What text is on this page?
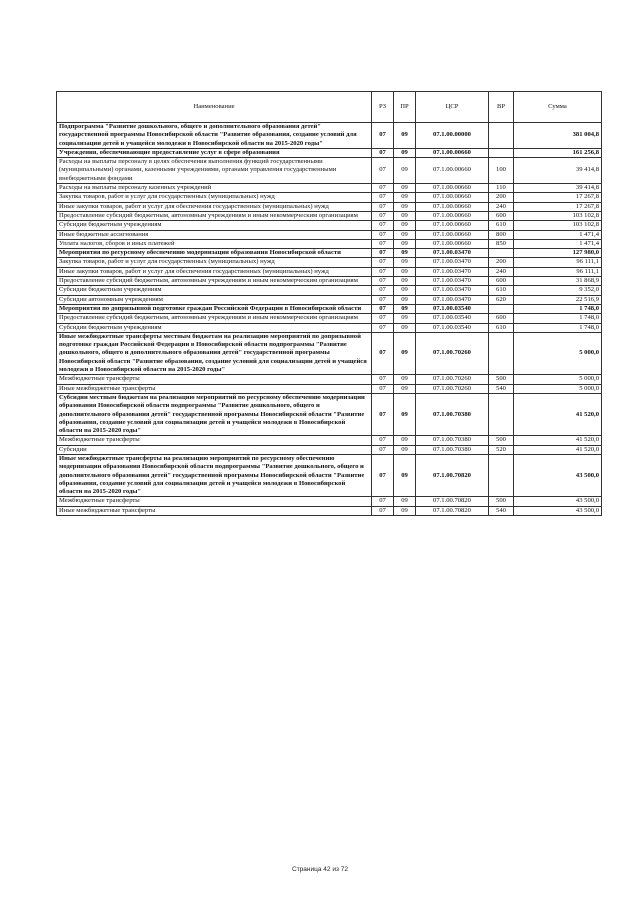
Наименование	РЗ	ПР	ЦСР	ВР	Сумма
Подпрограмма "Развитие дошкольного, общего и дополнительного образования детей" государственной программы Новосибирской области "Развитие образования, создание условий для социализации детей и учащейся молодежи в Новосибирской области на 2015-2020 годы"	07	09	07.1.00.00000		381 004,8
Учреждения, обеспечивающие предоставление услуг в сфере образования	07	09	07.1.00.00660		161 256,8
Расходы на выплаты персоналу в целях обеспечения выполнения функций государственными (муниципальными) органами, казенными учреждениями, органами управления государственными внебюджетными фондами	07	09	07.1.00.00660	100	39 414,8
Расходы на выплаты персоналу казенных учреждений	07	09	07.1.00.00660	110	39 414,8
Закупка товаров, работ и услуг для государственных (муниципальных) нужд	07	09	07.1.00.00660	200	17 267,8
Иные закупки товаров, работ и услуг для обеспечения государственных (муниципальных) нужд	07	09	07.1.00.00660	240	17 267,8
Предоставление субсидий бюджетным, автономным учреждениям и иным некоммерческим организациям	07	09	07.1.00.00660	600	103 102,8
Субсидии бюджетным учреждениям	07	09	07.1.00.00660	610	103 102,8
Иные бюджетные ассигнования	07	09	07.1.00.00660	800	1 471,4
Уплата налогов, сборов и иных платежей	07	09	07.1.00.00660	850	1 471,4
Мероприятия по ресурсному обеспечению модернизации образования Новосибирской области	07	09	07.1.00.03470		127 980,0
Закупка товаров, работ и услуг для государственных (муниципальных) нужд	07	09	07.1.00.03470	200	96 111,1
Иные закупки товаров, работ и услуг для обеспечения государственных (муниципальных) нужд	07	09	07.1.00.03470	240	96 111,1
Предоставление субсидий бюджетным, автономным учреждениям и иным некоммерческим организациям	07	09	07.1.00.03470	600	31 868,9
Субсидии бюджетным учреждениям	07	09	07.1.00.03470	610	9 352,0
Субсидии автономным учреждениям	07	09	07.1.00.03470	620	22 516,9
Мероприятия по допризывной подготовке граждан Российской Федерации в Новосибирской области	07	09	07.1.00.03540		1 748,0
Предоставление субсидий бюджетным, автономным учреждениям и иным некоммерческим организациям	07	09	07.1.00.03540	600	1 748,0
Субсидии бюджетным учреждениям	07	09	07.1.00.03540	610	1 748,0
Иные межбюджетные трансферты местным бюджетам на реализацию мероприятий по допризывной подготовке граждан Российской Федерации в Новосибирской области подпрограммы "Развитие дошкольного, общего и дополнительного образования детей" государственной программы Новосибирской области "Развитие образования, создание условий для социализации детей и учащейся молодежи в Новосибирской области на 2015-2020 годы"	07	09	07.1.00.70260		5 000,0
Межбюджетные трансферты	07	09	07.1.00.70260	500	5 000,0
Иные межбюджетные трансферты	07	09	07.1.00.70260	540	5 000,0
Субсидии местным бюджетам на реализацию мероприятий по ресурсному обеспечению модернизации образования Новосибирской области подпрограммы "Развитие дошкольного, общего и дополнительного образования детей" государственной программы Новосибирской области "Развитие образования, создание условий для социализации детей и учащейся молодежи в Новосибирской области на 2015-2020 годы"	07	09	07.1.00.70380		41 520,0
Межбюджетные трансферты	07	09	07.1.00.70380	500	41 520,0
Субсидии	07	09	07.1.00.70380	520	41 520,0
Иные межбюджетные трансферты на реализацию мероприятий по ресурсному обеспечению модернизации образования Новосибирской области подпрограммы "Развитие дошкольного, общего и дополнительного образования детей" государственной программы Новосибирской области "Развитие образования, создание условий для социализации детей и учащейся молодежи в Новосибирской области на 2015-2020 годы"	07	09	07.1.00.70820		43 500,0
Межбюджетные трансферты	07	09	07.1.00.70820	500	43 500,0
Иные межбюджетные трансферты	07	09	07.1.00.70820	540	43 500,0
Страница 42 из 72
